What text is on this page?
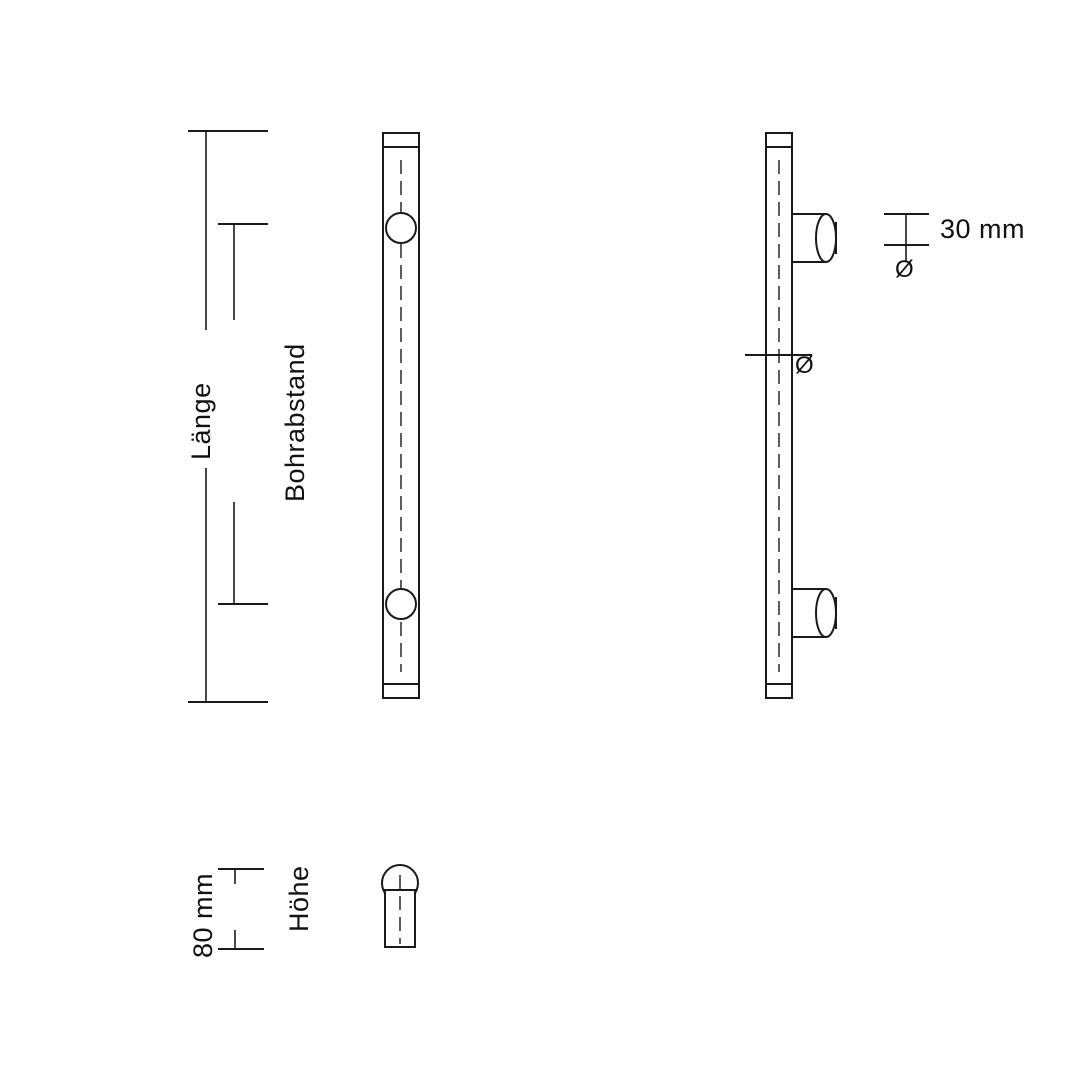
Länge Bohrabstand
30 mm
Ø
Ø
80 mm Höhe
